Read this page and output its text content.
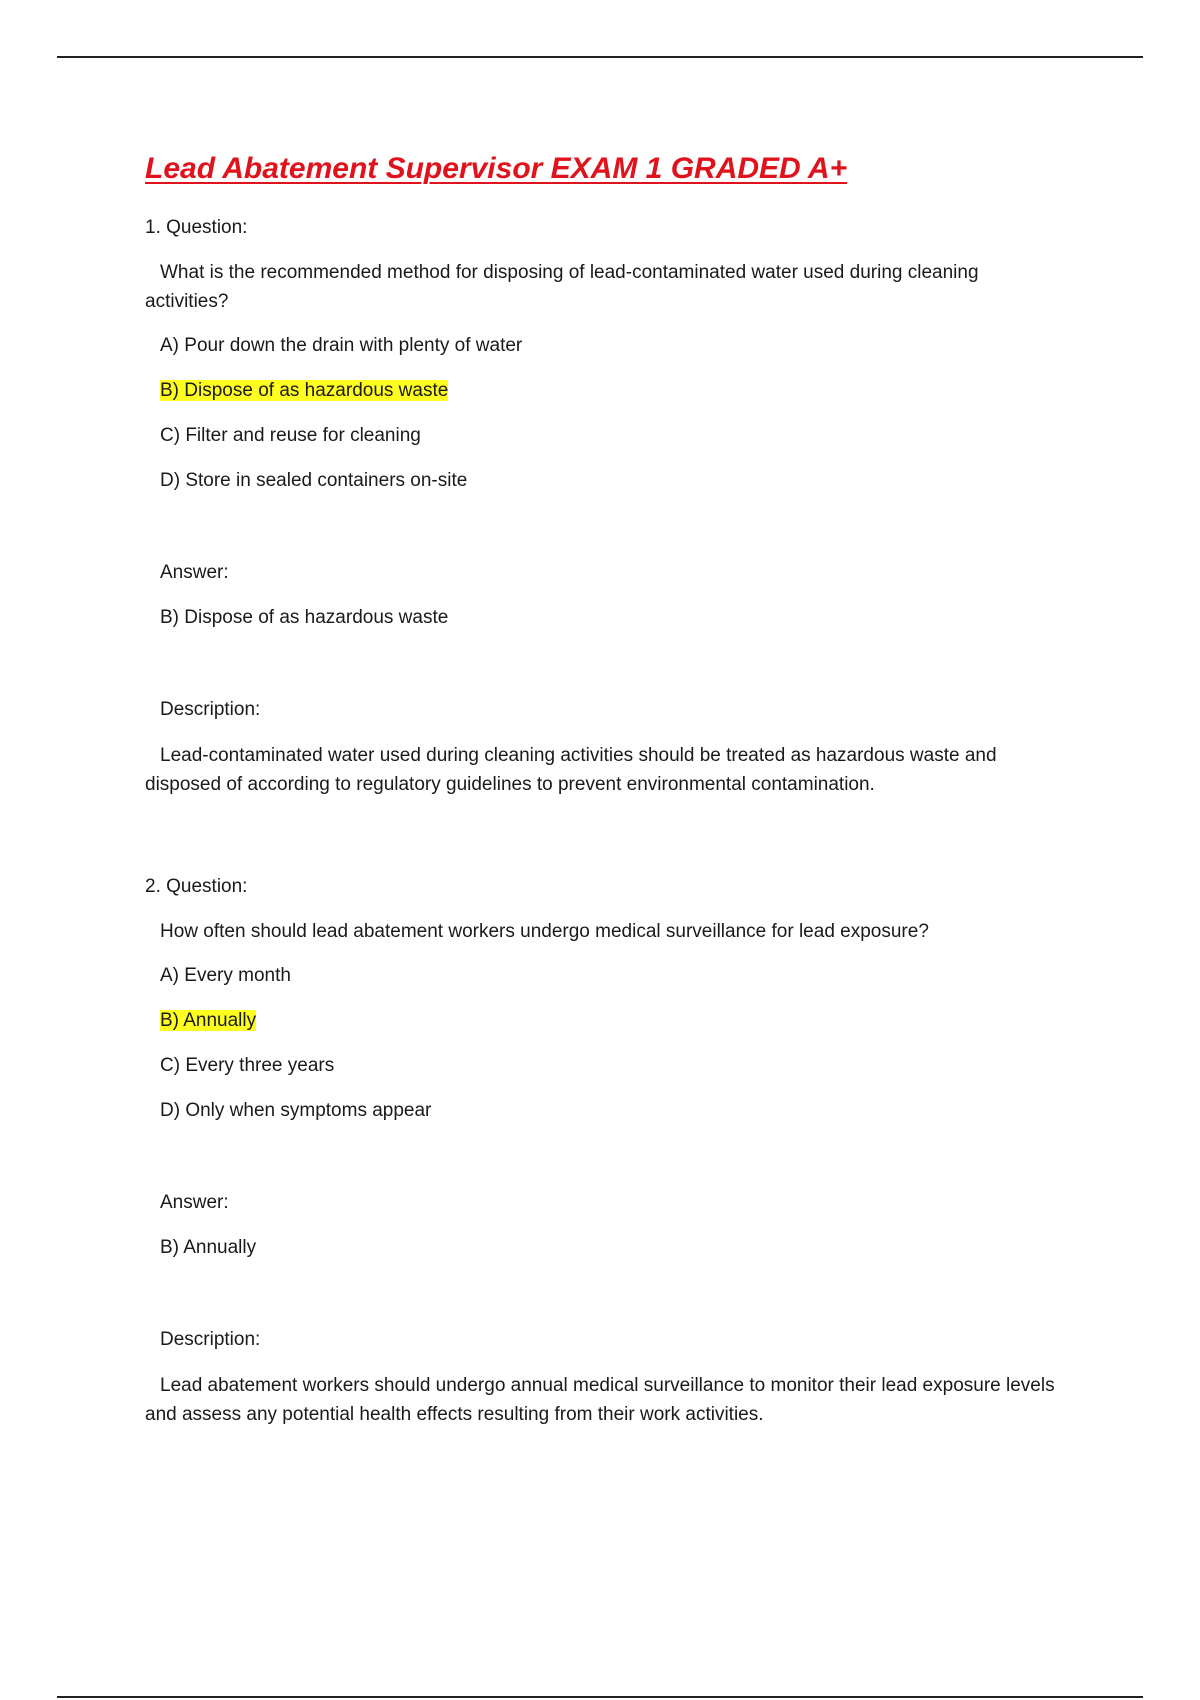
Lead Abatement Supervisor EXAM 1 GRADED A+
1. Question:

What is the recommended method for disposing of lead-contaminated water used during cleaning activities?

A) Pour down the drain with plenty of water
B) Dispose of as hazardous waste
C) Filter and reuse for cleaning
D) Store in sealed containers on-site
Answer:
B) Dispose of as hazardous waste
Description:

Lead-contaminated water used during cleaning activities should be treated as hazardous waste and disposed of according to regulatory guidelines to prevent environmental contamination.

2. Question:

How often should lead abatement workers undergo medical surveillance for lead exposure?

A) Every month
B) Annually
C) Every three years
D) Only when symptoms appear
Answer:
B) Annually
Description:

Lead abatement workers should undergo annual medical surveillance to monitor their lead exposure levels and assess any potential health effects resulting from their work activities.
